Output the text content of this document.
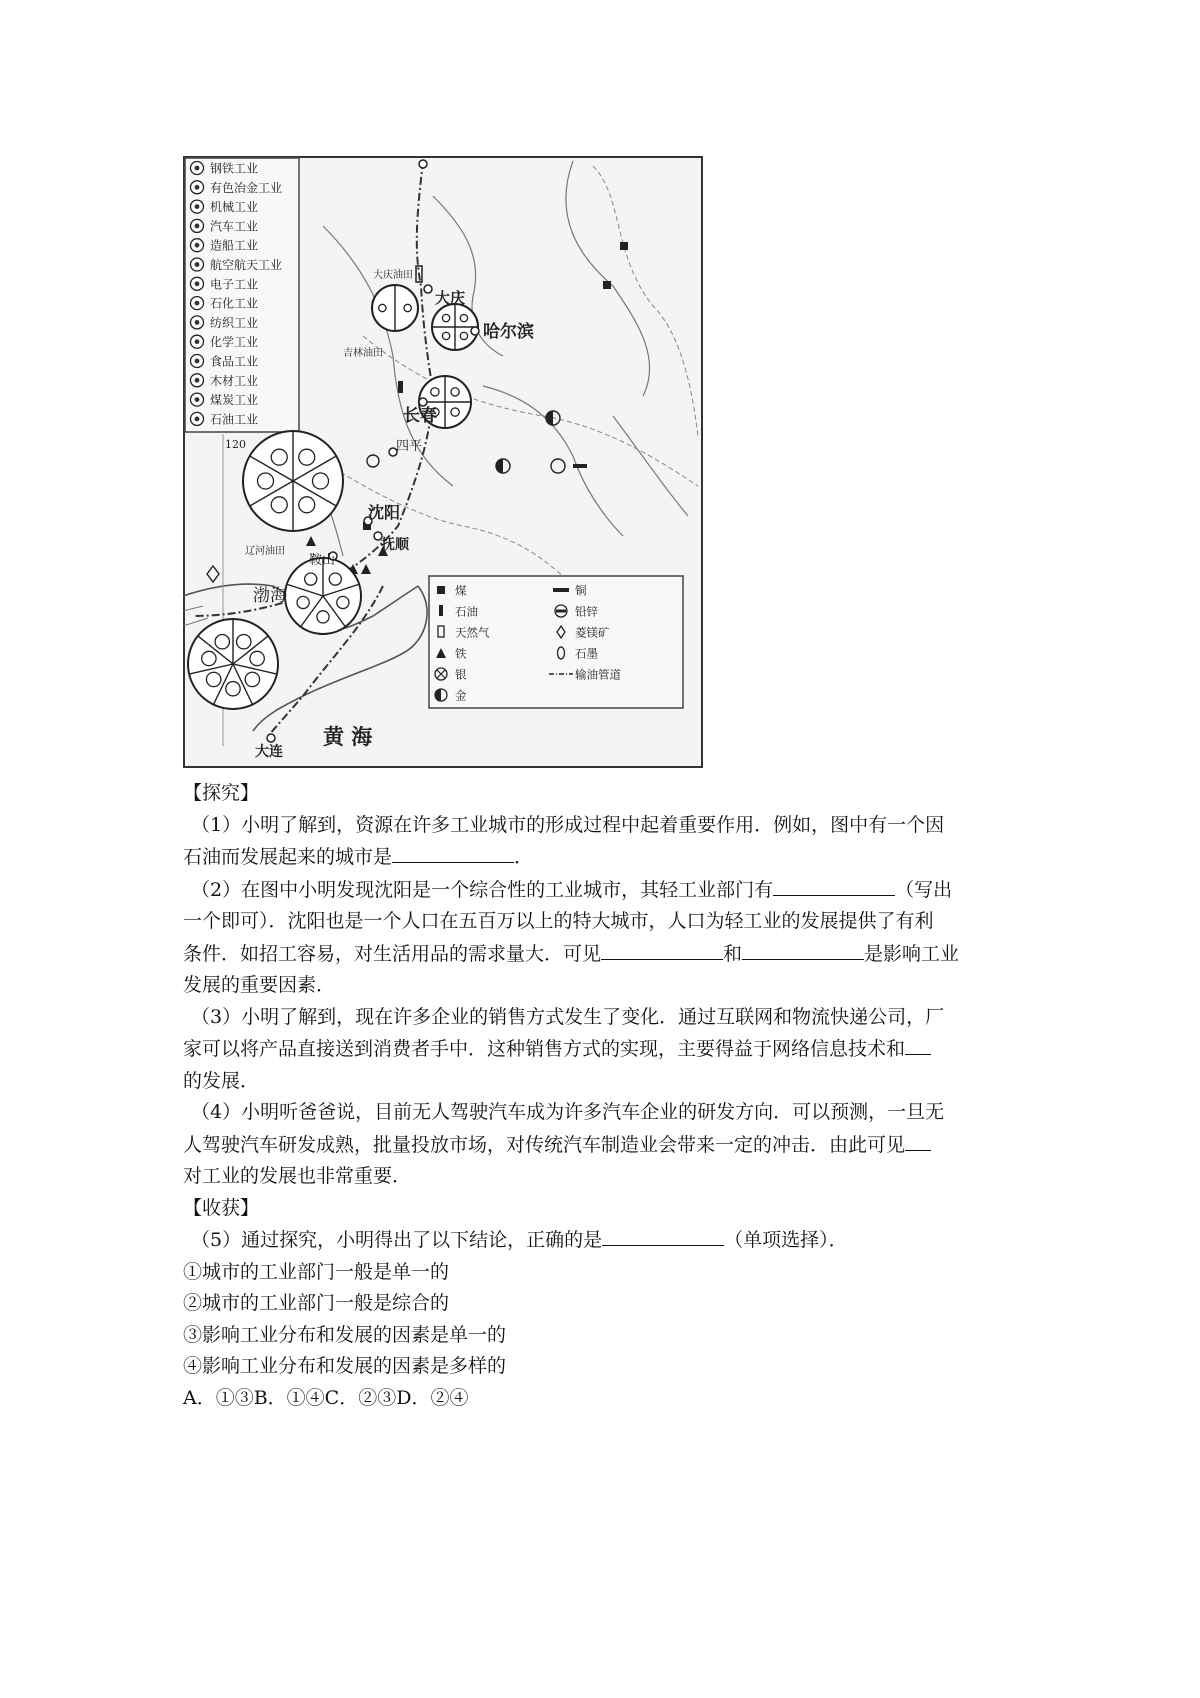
120
钢铁工业
有色冶金工业
机械工业
汽车工业
造船工业
航空航天工业
电子工业
石化工业
纺织工业
化学工业
食品工业
木材工业
煤炭工业
石油工业
大庆油田
大庆
哈尔滨
吉林油田
长春
四平
沈阳
抚顺
鞍山
辽河油田
渤海
大连
黄 海
煤	铜
石油	铅锌
天然气	菱镁矿
铁	石墨
银	输油管道
金
【探究】
（1）小明了解到，资源在许多工业城市的形成过程中起着重要作用．例如，图中有一个因
石油而发展起来的城市是	．
（2）在图中小明发现沈阳是一个综合性的工业城市，其轻工业部门有	（写出
一个即可）．沈阳也是一个人口在五百万以上的特大城市，人口为轻工业的发展提供了有利
条件．如招工容易，对生活用品的需求量大．可见	和	是影响工业
发展的重要因素．
（3）小明了解到，现在许多企业的销售方式发生了变化．通过互联网和物流快递公司，厂
家可以将产品直接送到消费者手中．这种销售方式的实现，主要得益于网络信息技术和
的发展．
（4）小明听爸爸说，目前无人驾驶汽车成为许多汽车企业的研发方向．可以预测，一旦无
人驾驶汽车研发成熟，批量投放市场，对传统汽车制造业会带来一定的冲击．由此可见
对工业的发展也非常重要．
【收获】
（5）通过探究，小明得出了以下结论，正确的是	（单项选择）．
①城市的工业部门一般是单一的
②城市的工业部门一般是综合的
③影响工业分布和发展的因素是单一的
④影响工业分布和发展的因素是多样的
A．①③B．①④C．②③D．②④
